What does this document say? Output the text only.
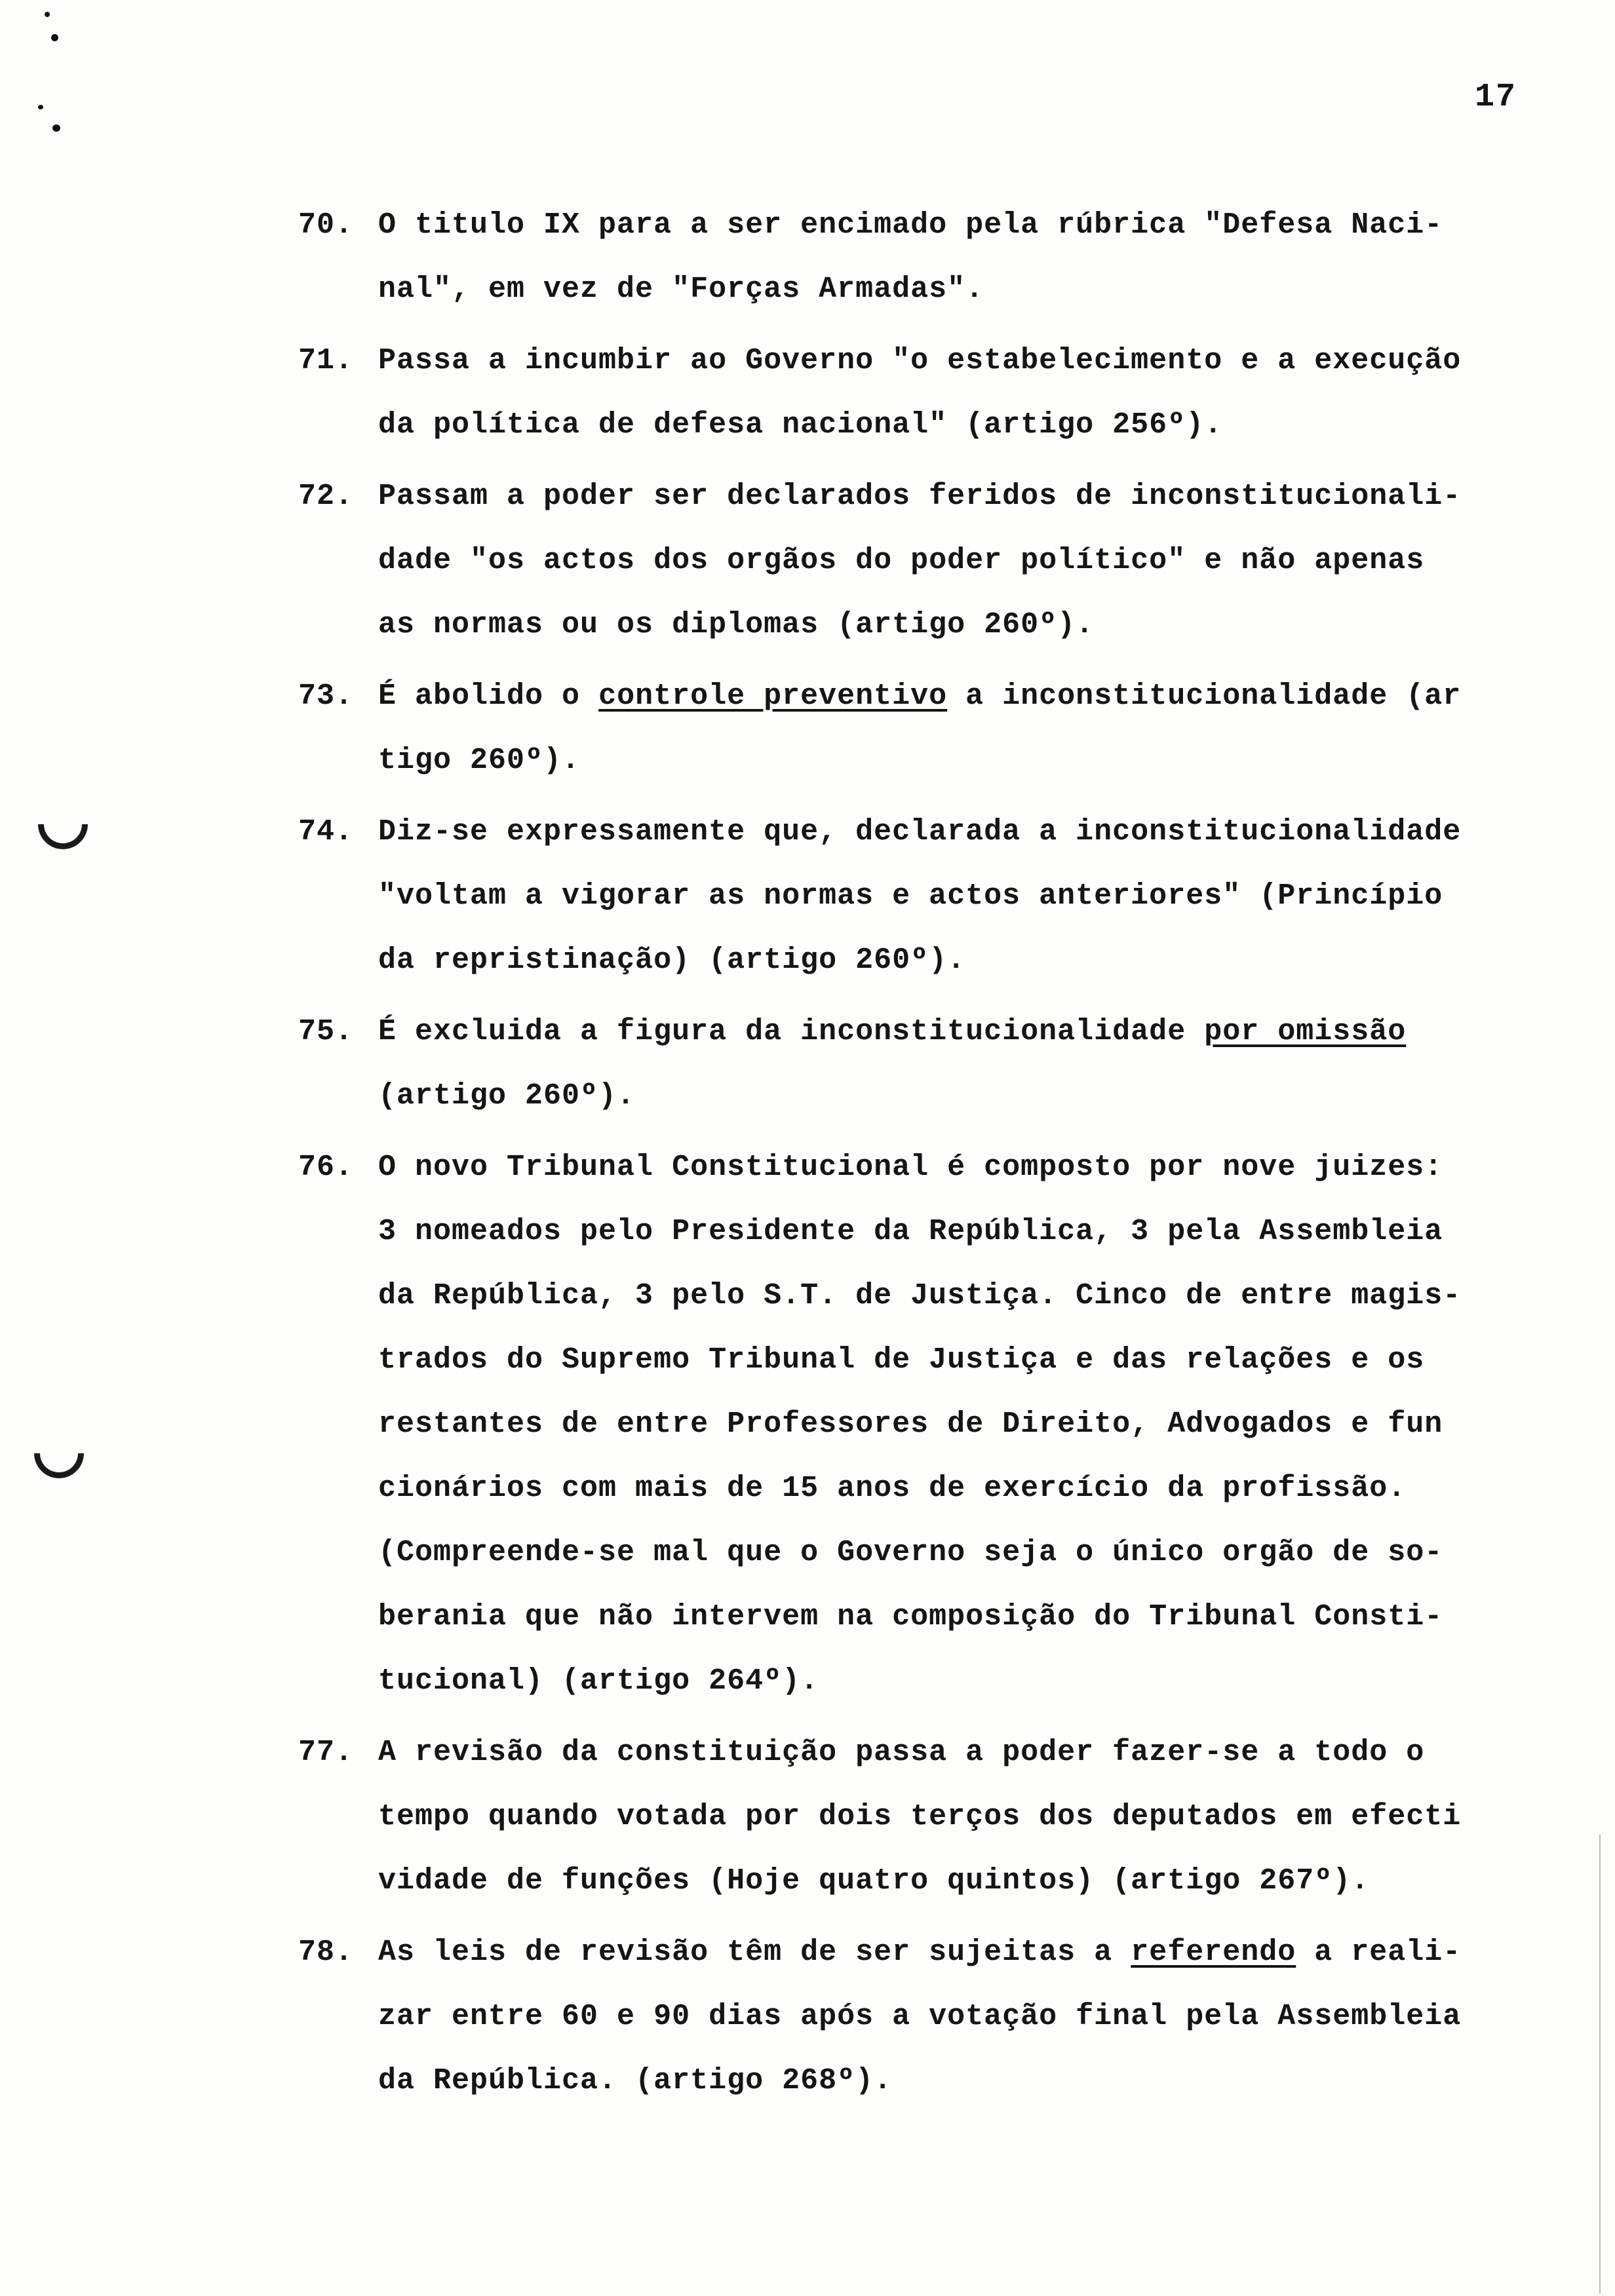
17
70. O titulo IX para a ser encimado pela rúbrica "Defesa Naci-
nal", em vez de "Forças Armadas".
71. Passa a incumbir ao Governo "o estabelecimento e a execução
da política de defesa nacional" (artigo 256º).
72. Passam a poder ser declarados feridos de inconstitucionali-
dade "os actos dos orgãos do poder político" e não apenas
as normas ou os diplomas (artigo 260º).
73. É abolido o controle preventivo a inconstitucionalidade (ar
tigo 260º).
74. Diz-se expressamente que, declarada a inconstitucionalidade
"voltam a vigorar as normas e actos anteriores" (Princípio
da repristinação) (artigo 260º).
75. É excluida a figura da inconstitucionalidade por omissão
(artigo 260º).
76. O novo Tribunal Constitucional é composto por nove juizes:
3 nomeados pelo Presidente da República, 3 pela Assembleia
da República, 3 pelo S.T. de Justiça. Cinco de entre magis-
trados do Supremo Tribunal de Justiça e das relações e os
restantes de entre Professores de Direito, Advogados e fun
cionários com mais de 15 anos de exercício da profissão.
(Compreende-se mal que o Governo seja o único orgão de so-
berania que não intervem na composição do Tribunal Consti-
tucional) (artigo 264º).
77. A revisão da constituição passa a poder fazer-se a todo o
tempo quando votada por dois terços dos deputados em efecti
vidade de funções (Hoje quatro quintos) (artigo 267º).
78. As leis de revisão têm de ser sujeitas a referendo a reali-
zar entre 60 e 90 dias após a votação final pela Assembleia
da República. (artigo 268º).
